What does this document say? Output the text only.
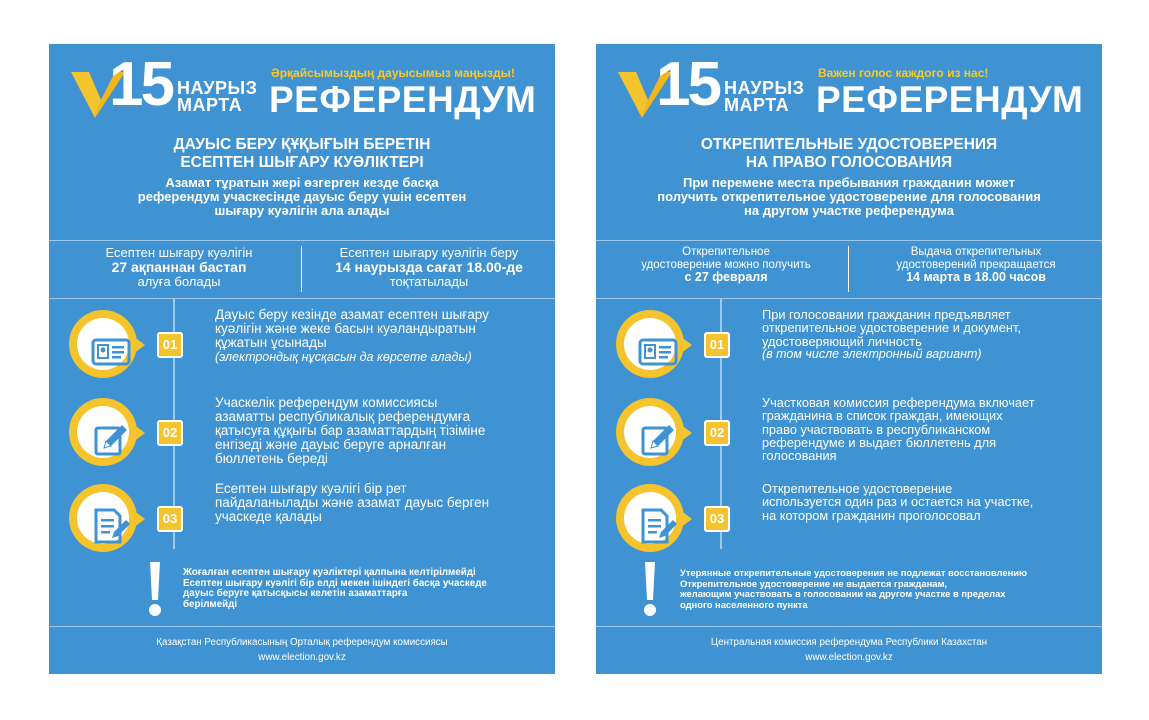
15 НАУРЫЗ
МАРТА
Әрқайсымыздың дауысымыз маңызды!
РЕФЕРЕНДУМ
ДАУЫС БЕРУ ҚҰҚЫҒЫН БЕРЕТІН
ЕСЕПТЕН ШЫҒАРУ КУӘЛІКТЕРІ
Азамат тұратын жері өзгерген кезде басқа
референдум учаскесінде дауыс беру үшін есептен
шығару куәлігін ала алады
Есептен шығару куәлігін
27 ақпаннан бастап
алуға болады
Есептен шығару куәлігін беру
14 наурызда сағат 18.00-де
тоқтатылады
01
Дауыс беру кезінде азамат есептен шығару
куәлігін және жеке басын куәландыратын
құжатын ұсынады
(электрондық нұсқасын да көрсете алады)
02
Учаскелік референдум комиссиясы
азаматты республикалық референдумға
қатысуға құқығы бар азаматтардың тізіміне
енгізеді және дауыс беруге арналған
бюллетень береді
03
Есептен шығару куәлігі бір рет
пайдаланылады және азамат дауыс берген
учаскеде қалады
Жоғалған есептен шығару куәліктері қалпына келтірілмейді
Есептен шығару куәлігі бір елді мекен ішіндегі басқа учаскеде
дауыс беруге қатысқысы келетін азаматтарға
берілмейді
Қазақстан Республикасының Орталық референдум комиссиясы
www.election.gov.kz
15 НАУРЫЗ
МАРТА
Важен голос каждого из нас!
РЕФЕРЕНДУМ
ОТКРЕПИТЕЛЬНЫЕ УДОСТОВЕРЕНИЯ
НА ПРАВО ГОЛОСОВАНИЯ
При перемене места пребывания гражданин может
получить открепительное удостоверение для голосования
на другом участке референдума
Открепительное
удостоверение можно получить
с 27 февраля

Выдача открепительных
удостоверений прекращается
14 марта в 18.00 часов

01
При голосовании гражданин предъявляет
открепительное удостоверение и документ,
удостоверяющий личность
(в том числе электронный вариант)
02
Участковая комиссия референдума включает
гражданина в список граждан, имеющих
право участвовать в республиканском
референдуме и выдает бюллетень для
голосования
03
Открепительное удостоверение
используется один раз и остается на участке,
на котором гражданин проголосовал
Утерянные открепительные удостоверения не подлежат восстановлению
Открепительное удостоверение не выдается гражданам,
желающим участвовать в голосовании на другом участке в пределах
одного населенного пункта
Центральная комиссия референдума Республики Казахстан
www.election.gov.kz
